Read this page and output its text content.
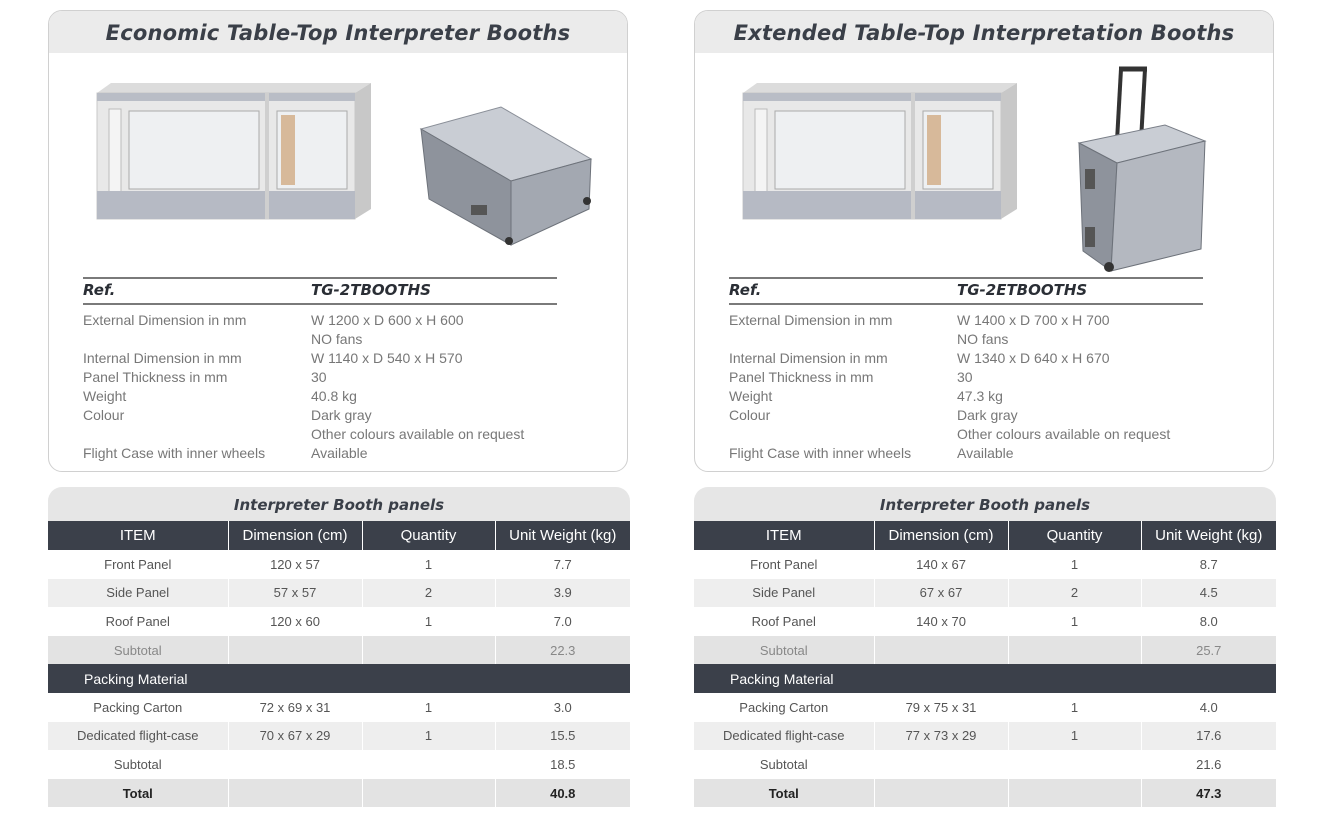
Economic Table-Top Interpreter Booths
Ref.	TG-2TBOOTHS
External Dimension in mm	W 1200 x D 600 x H 600
NO fans
Internal Dimension in mm	W 1140 x D 540 x H 570
Panel Thickness in mm	30
Weight	40.8 kg
Colour	Dark gray
Other colours available on request
Flight Case with inner wheels	Available
Extended Table-Top Interpretation Booths
Ref.	TG-2ETBOOTHS
External Dimension in mm	W 1400 x D 700 x H 700
NO fans
Internal Dimension in mm	W 1340 x D 640 x H 670
Panel Thickness in mm	30
Weight	47.3 kg
Colour	Dark gray
Other colours available on request
Flight Case with inner wheels	Available
Interpreter Booth panels
ITEM	Dimension (cm)	Quantity	Unit Weight (kg)
Front Panel	120 x 57	1	7.7
Side Panel	57 x 57	2	3.9
Roof Panel	120 x 60	1	7.0
Subtotal			22.3
Packing Material			
Packing Carton	72 x 69 x 31	1	3.0
Dedicated flight-case	70 x 67 x 29	1	15.5
Subtotal			18.5
Total			40.8
Interpreter Booth panels
ITEM	Dimension (cm)	Quantity	Unit Weight (kg)
Front Panel	140 x 67	1	8.7
Side Panel	67 x 67	2	4.5
Roof Panel	140 x 70	1	8.0
Subtotal			25.7
Packing Material			
Packing Carton	79 x 75 x 31	1	4.0
Dedicated flight-case	77 x 73 x 29	1	17.6
Subtotal			21.6
Total			47.3
